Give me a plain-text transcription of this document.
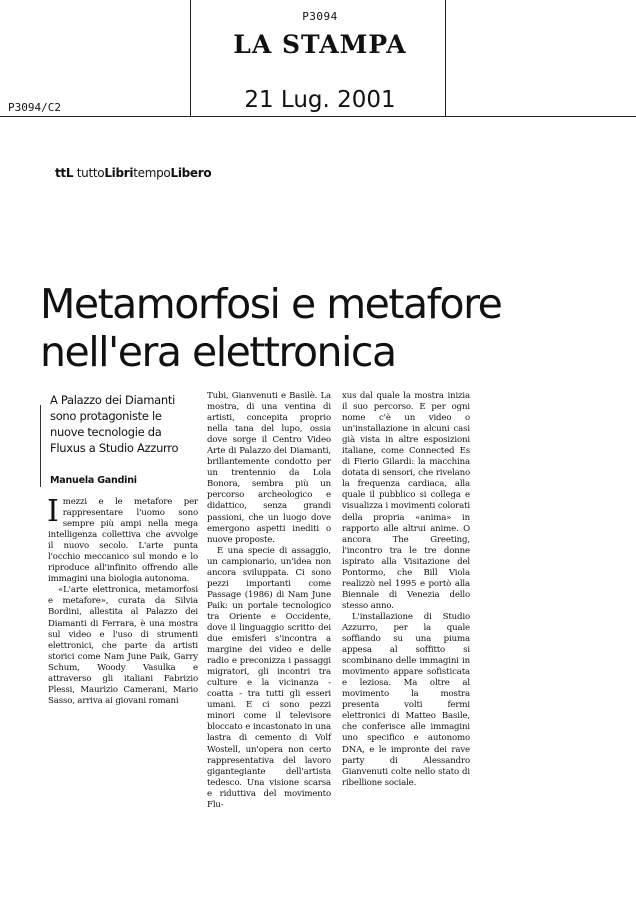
P3094
LA STAMPA
P3094/C2	21 Lug. 2001
ttL tuttoLibritempoLibero
Metamorfosi e metafore
nell'era elettronica
A Palazzo dei Diamanti sono protagoniste le nuove tecnologie da Fluxus a Studio Azzurro
Manuela Gandini

Imezzi e le metafore per rappresentare l'uomo sono sempre più ampi nella mega intelligenza collettiva che avvolge il nuovo secolo. L'arte punta l'occhio meccanico sul mondo e lo riproduce all'infinito offrendo alle immagini una biologia autonoma.

«L'arte elettronica, metamorfosi e metafore», curata da Silvia Bordini, allestita al Palazzo dei Diamanti di Ferrara, è una mostra sul video e l'uso di strumenti elettronici, che parte da artisti storici come Nam June Paik, Garry Schum, Woody Vasulka e attraverso gli italiani Fabrizio Plessi, Maurizio Camerani, Mario Sasso, arriva ai giovani romani

Tubi, Gianvenuti e Basilè. La mostra, di una ventina di artisti, concepita proprio nella tana del lupo, ossia dove sorge il Centro Video Arte di Palazzo dei Diamanti, brillantemente condotto per un trentennio da Lola Bonora, sembra più un percorso archeologico e didattico, senza grandi passioni, che un luogo dove emergono aspetti inediti o nuove proposte.

E una specie di assaggio, un campionario, un'idea non ancora sviluppata. Ci sono pezzi importanti come Passage (1986) di Nam June Paik: un portale tecnologico tra Oriente e Occidente, dove il linguaggio scritto dei due emisferi s'incontra a margine dei video e delle radio e preconizza i passaggi migratori, gli incontri tra culture e la vicinanza - coatta - tra tutti gli esseri umani. E ci sono pezzi minori come il televisore bloccato e incastonato in una lastra di cemento di Volf Wostell, un'opera non certo rappresentativa del lavoro gigantegiante dell'artista tedesco. Una visione scarsa e riduttiva del movimento Flu-

xus dal quale la mostra inizia il suo percorso. E per ogni nome c'è un video o un'installazione in alcuni casi già vista in altre esposizioni italiane, come Connected Es di Fierio Gilardi: la macchina dotata di sensori, che rivelano la frequenza cardiaca, alla quale il pubblico si collega e visualizza i movimenti colorati della propria «anima» in rapporto alle altrui anime. O ancora The Greeting, l'incontro tra le tre donne ispirato alla Visitazione del Pontormo, che Bill Viola realizzò nel 1995 e portò alla Biennale di Venezia dello stesso anno.

L'installazione di Studio Azzurro, per la quale soffiando su una piuma appesa al soffitto si scombinano delle immagini in movimento appare sofisticata e leziosa. Ma oltre al movimento la mostra presenta volti fermi elettronici di Matteo Basile, che conferisce alle immagini uno specifico e autonomo DNA, e le impronte dei rave party di Alessandro Gianvenuti colte nello stato di ribellione sociale.
